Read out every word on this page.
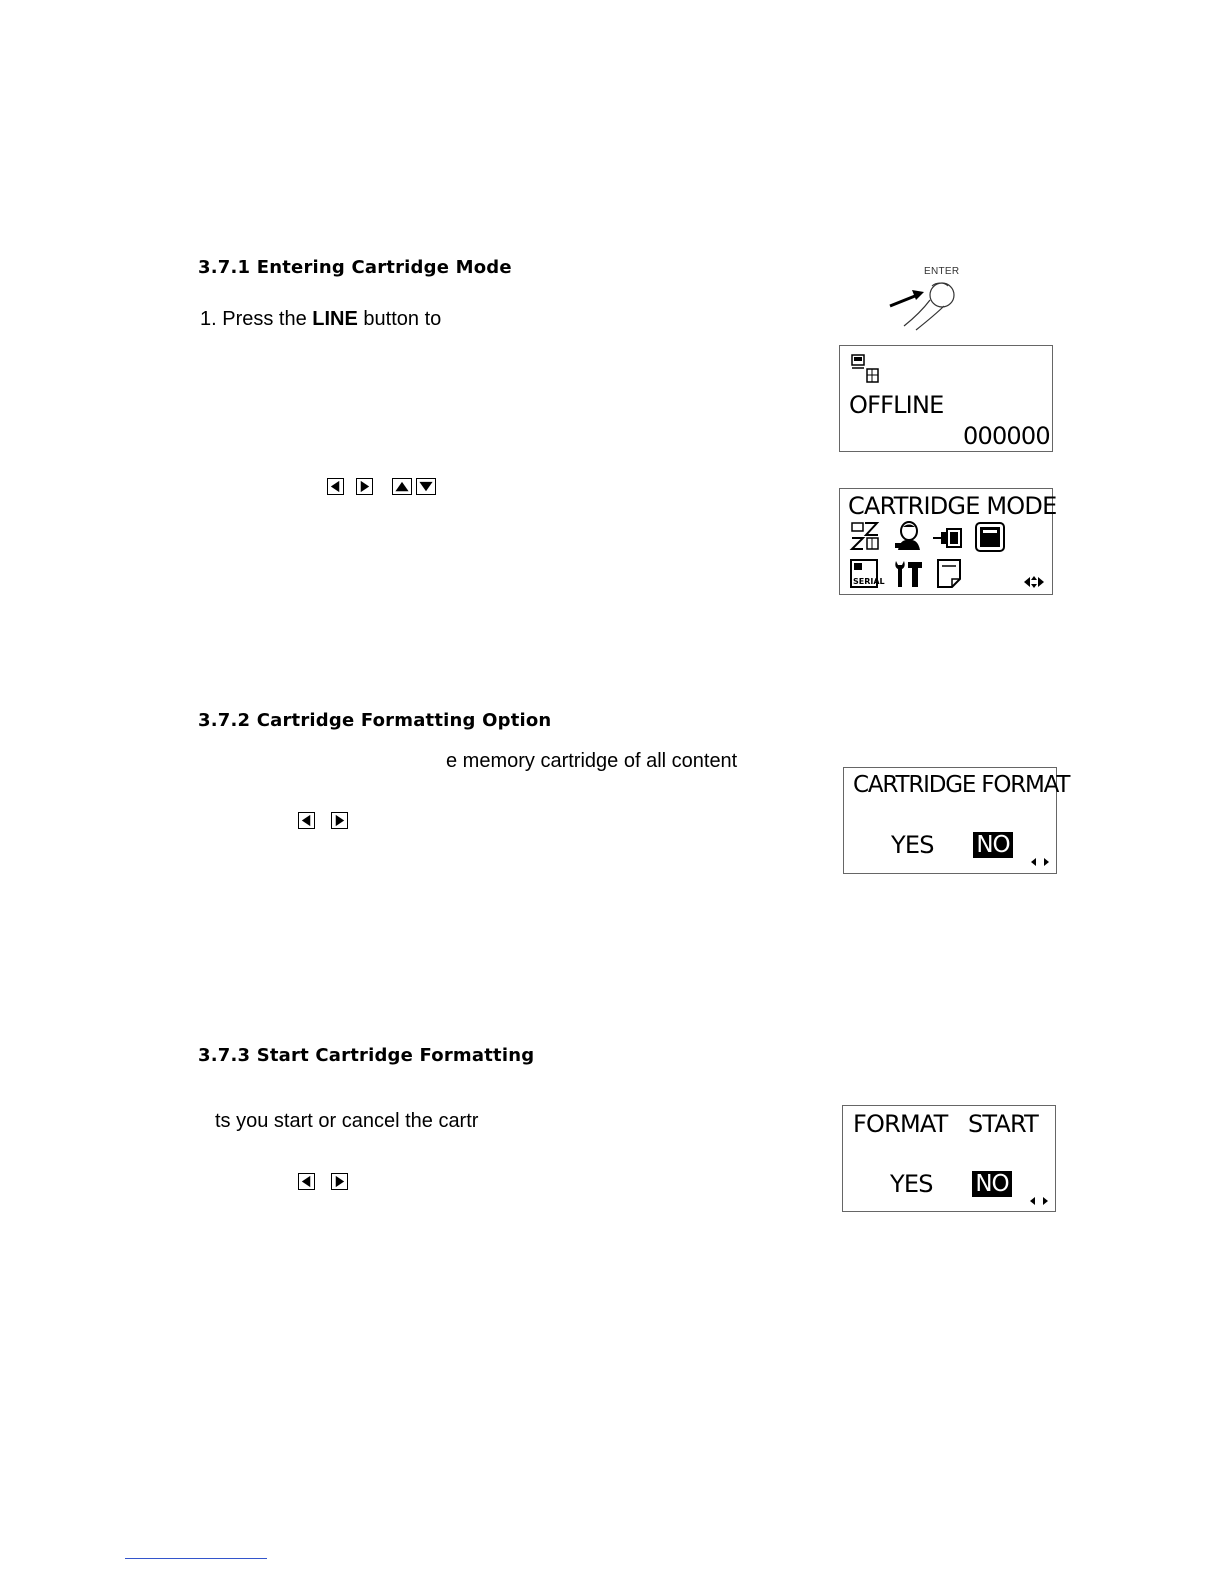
3.7.1 Entering Cartridge Mode
1. Press the LINE button to
ENTER
OFFLINE
000000
CARTRIDGE MODE
SERIAL
3.7.2 Cartridge Formatting Option
e memory cartridge of all content
CARTRIDGE FORMAT
YES NO
3.7.3 Start Cartridge Formatting
ts you start or cancel the cartr	FORMAT   START
YES NO
